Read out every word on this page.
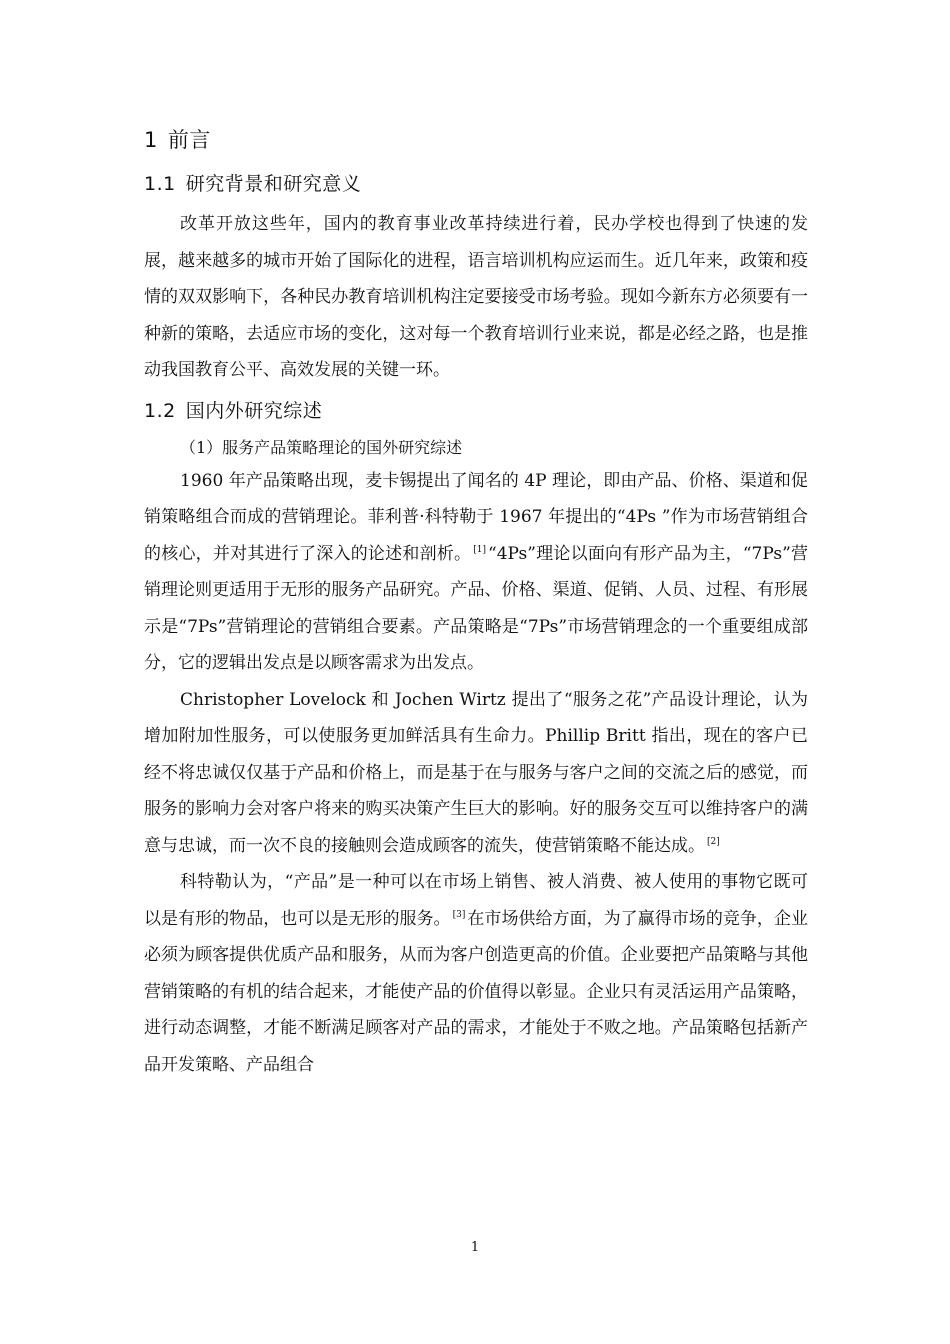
1 前言
1.1 研究背景和研究意义

改革开放这些年，国内的教育事业改革持续进行着，民办学校也得到了快速的发展，越来越多的城市开始了国际化的进程，语言培训机构应运而生。近几年来，政策和疫情的双双影响下，各种民办教育培训机构注定要接受市场考验。现如今新东方必须要有一种新的策略，去适应市场的变化，这对每一个教育培训行业来说，都是必经之路，也是推动我国教育公平、高效发展的关键一环。

1.2 国内外研究综述

（1）服务产品策略理论的国外研究综述

1960 年产品策略出现，麦卡锡提出了闻名的 4P 理论，即由产品、价格、渠道和促销策略组合而成的营销理论。菲利普·科特勒于 1967 年提出的“4Ps ”作为市场营销组合的核心，并对其进行了深入的论述和剖析。 [1] “4Ps”理论以面向有形产品为主，“7Ps”营销理论则更适用于无形的服务产品研究。产品、价格、渠道、促销、人员、过程、有形展示是“7Ps”营销理论的营销组合要素。产品策略是“7Ps”市场营销理念的一个重要组成部分，它的逻辑出发点是以顾客需求为出发点。

Christopher Lovelock 和 Jochen Wirtz 提出了“服务之花”产品设计理论，认为增加附加性服务，可以使服务更加鲜活具有生命力。Phillip Britt 指出，现在的客户已经不将忠诚仅仅基于产品和价格上，而是基于在与服务与客户之间的交流之后的感觉，而服务的影响力会对客户将来的购买决策产生巨大的影响。好的服务交互可以维持客户的满意与忠诚，而一次不良的接触则会造成顾客的流失，使营销策略不能达成。 [2]

科特勒认为，“产品”是一种可以在市场上销售、被人消费、被人使用的事物它既可以是有形的物品，也可以是无形的服务。 [3] 在市场供给方面，为了赢得市场的竞争，企业必须为顾客提供优质产品和服务，从而为客户创造更高的价值。企业要把产品策略与其他营销策略的有机的结合起来，才能使产品的价值得以彰显。企业只有灵活运用产品策略，进行动态调整，才能不断满足顾客对产品的需求，才能处于不败之地。产品策略包括新产品开发策略、产品组合

1
